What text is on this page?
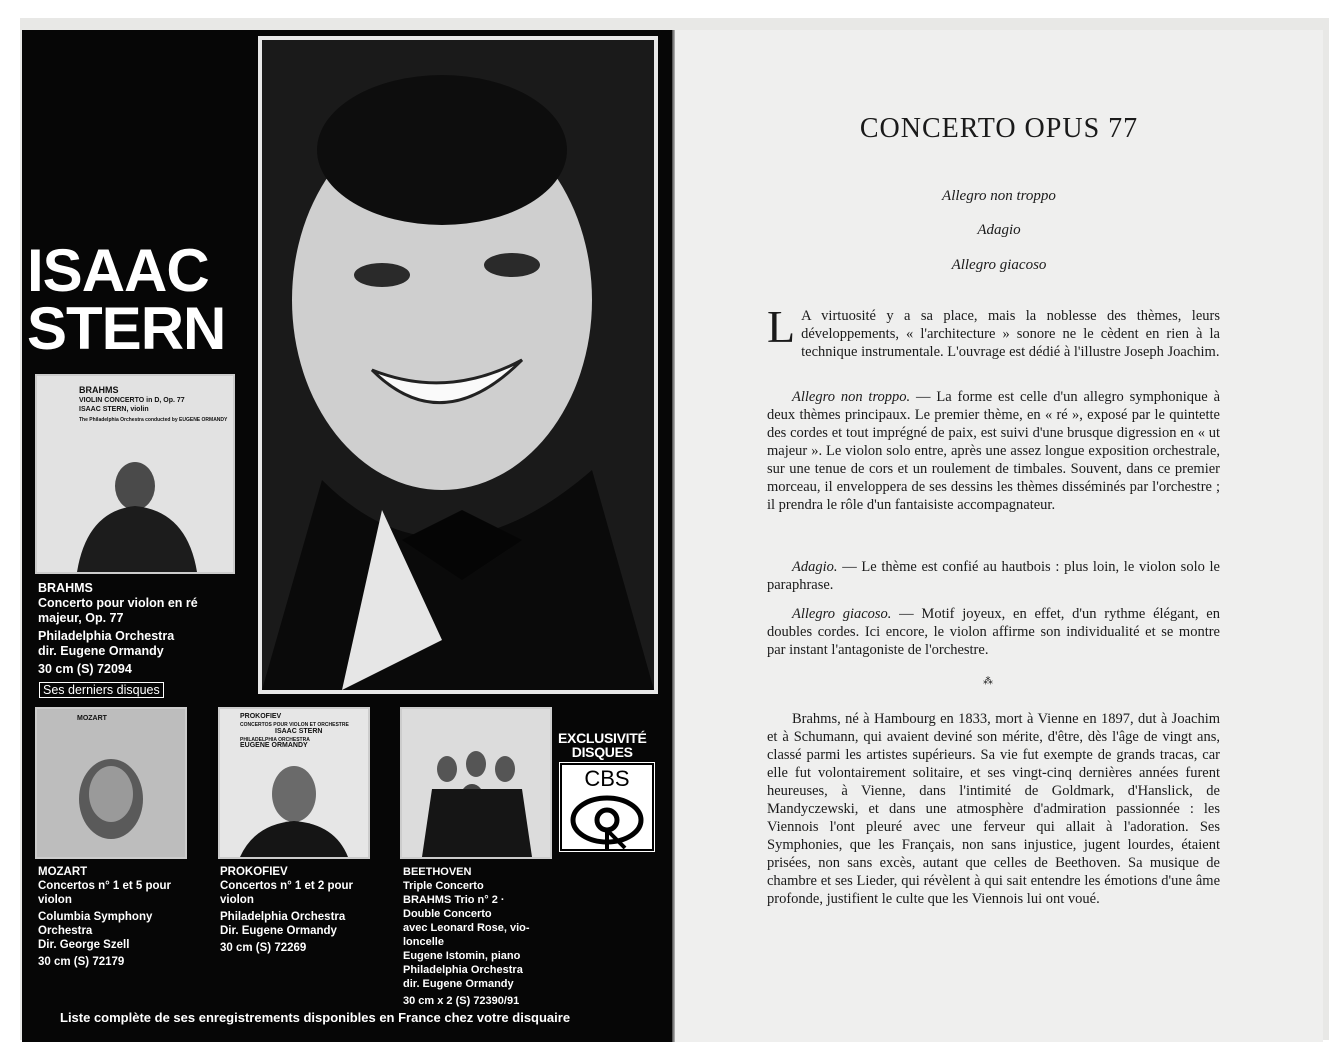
ISAAC
STERN
BRAHMS
VIOLIN CONCERTO in D, Op. 77
ISAAC STERN, violin
The Philadelphia Orchestra conducted by EUGENE ORMANDY
BRAHMS
Concerto pour violon en ré majeur, Op. 77
Philadelphia Orchestra
dir. Eugene Ormandy
30 cm (S) 72094
Ses derniers disques
MOZART
MOZART
Concertos n° 1 et 5 pour violon
Columbia Symphony Orchestra
Dir. George Szell
30 cm (S) 72179
PROKOFIEV
CONCERTOS POUR VIOLON ET ORCHESTRE
ISAAC STERN
PHILADELPHIA ORCHESTRA
EUGENE ORMANDY
PROKOFIEV
Concertos n° 1 et 2 pour violon
Philadelphia Orchestra
Dir. Eugene Ormandy
30 cm (S) 72269
BEETHOVEN
Triple Concerto
BRAHMS Trio n° 2 ·
Double Concerto
avec Leonard Rose, vio-
loncelle
Eugene Istomin, piano
Philadelphia Orchestra
dir. Eugene Ormandy
30 cm x 2 (S) 72390/91
EXCLUSIVITÉ
DISQUES
CBS
Liste complète de ses enregistrements disponibles en France chez votre disquaire
CONCERTO OPUS 77
Allegro non troppo
Adagio
Allegro giacoso

L A virtuosité y a sa place, mais la noblesse des thèmes, leurs développements, « l'architecture » sonore ne le cèdent en rien à la technique instrumentale. L'ouvrage est dédié à l'illustre Joseph Joachim.

Allegro non troppo. — La forme est celle d'un allegro symphonique à deux thèmes principaux. Le premier thème, en « ré », exposé par le quintette des cordes et tout imprégné de paix, est suivi d'une brusque digression en « ut majeur ». Le violon solo entre, après une assez longue exposition orchestrale, sur une tenue de cors et un roulement de timbales. Souvent, dans ce premier morceau, il enveloppera de ses dessins les thèmes disséminés par l'orchestre ; il prendra le rôle d'un fantaisiste accompagnateur.

Adagio. — Le thème est confié au hautbois : plus loin, le violon solo le paraphrase.

Allegro giacoso. — Motif joyeux, en effet, d'un rythme élégant, en doubles cordes. Ici encore, le violon affirme son individualité et se montre par instant l'antagoniste de l'orchestre.

⁂

Brahms, né à Hambourg en 1833, mort à Vienne en 1897, dut à Joachim et à Schumann, qui avaient deviné son mérite, d'être, dès l'âge de vingt ans, classé parmi les artistes supérieurs. Sa vie fut exempte de grands tracas, car elle fut volontairement solitaire, et ses vingt-cinq dernières années furent heureuses, à Vienne, dans l'intimité de Goldmark, d'Hanslick, de Mandyczewski, et dans une atmosphère d'admiration passionnée : les Viennois l'ont pleuré avec une ferveur qui allait à l'adoration. Ses Symphonies, que les Français, non sans injustice, jugent lourdes, étaient prisées, non sans excès, autant que celles de Beethoven. Sa musique de chambre et ses Lieder, qui révèlent à qui sait entendre les émotions d'une âme profonde, justifient le culte que les Viennois lui ont voué.
